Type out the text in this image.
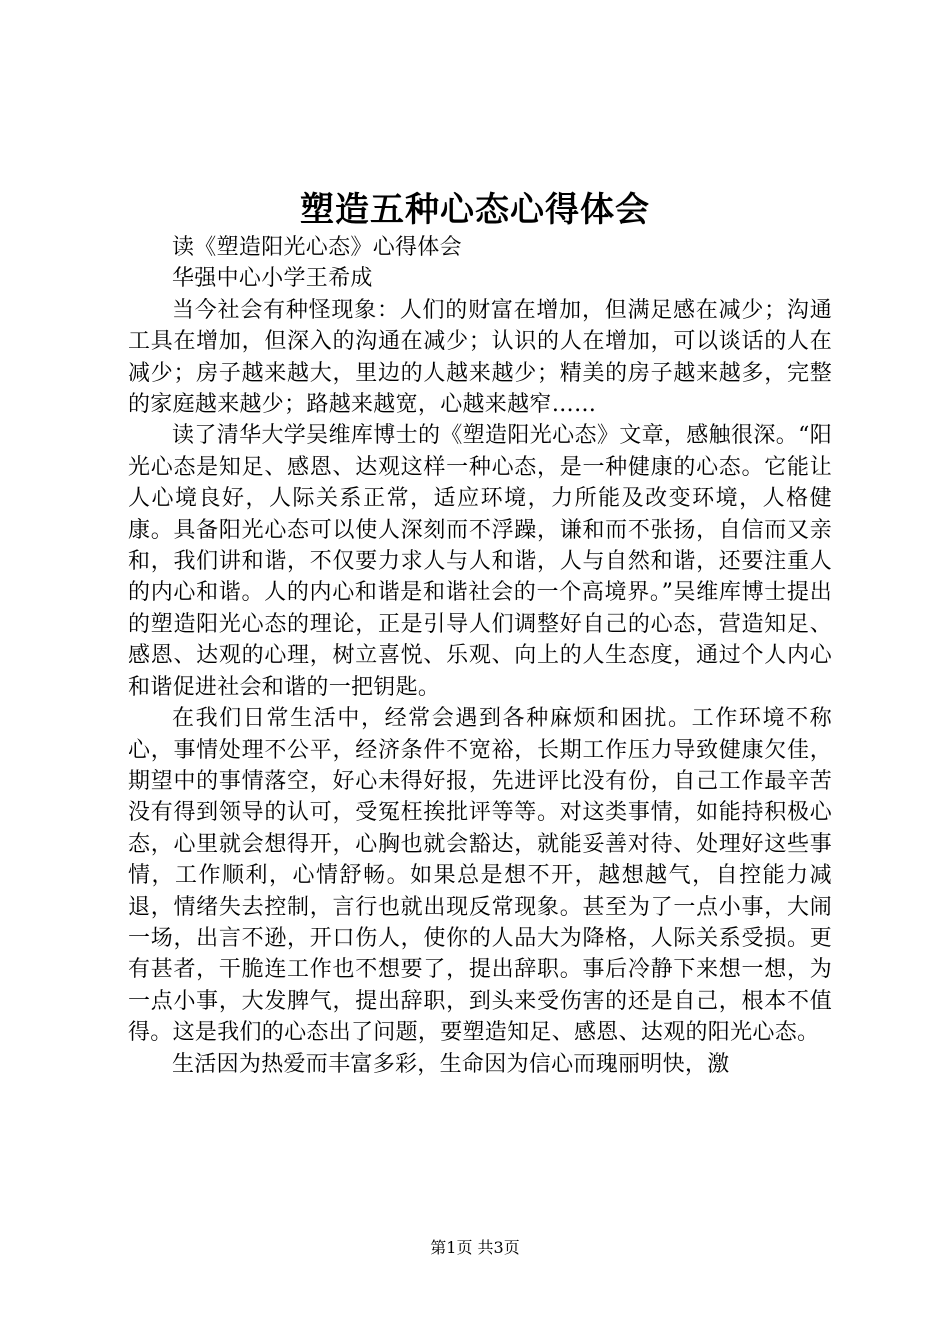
塑造五种心态心得体会

读《塑造阳光心态》心得体会

华强中心小学王希成

当今社会有种怪现象：人们的财富在增加，但满足感在减少；沟通工具在增加，但深入的沟通在减少；认识的人在增加，可以谈话的人在减少；房子越来越大，里边的人越来越少；精美的房子越来越多，完整的家庭越来越少；路越来越宽，心越来越窄……

读了清华大学吴维库博士的《塑造阳光心态》文章，感触很深。“阳光心态是知足、感恩、达观这样一种心态，是一种健康的心态。它能让人心境良好，人际关系正常，适应环境，力所能及改变环境，人格健康。具备阳光心态可以使人深刻而不浮躁，谦和而不张扬，自信而又亲和，我们讲和谐，不仅要力求人与人和谐，人与自然和谐，还要注重人的内心和谐。人的内心和谐是和谐社会的一个高境界。”吴维库博士提出的塑造阳光心态的理论，正是引导人们调整好自己的心态，营造知足、感恩、达观的心理，树立喜悦、乐观、向上的人生态度，通过个人内心和谐促进社会和谐的一把钥匙。

在我们日常生活中，经常会遇到各种麻烦和困扰。工作环境不称心，事情处理不公平，经济条件不宽裕，长期工作压力导致健康欠佳，期望中的事情落空，好心未得好报，先进评比没有份，自己工作最辛苦没有得到领导的认可，受冤枉挨批评等等。对这类事情，如能持积极心态，心里就会想得开，心胸也就会豁达，就能妥善对待、处理好这些事情，工作顺利，心情舒畅。如果总是想不开，越想越气，自控能力减退，情绪失去控制，言行也就出现反常现象。甚至为了一点小事，大闹一场，出言不逊，开口伤人，使你的人品大为降格，人际关系受损。更有甚者，干脆连工作也不想要了，提出辞职。事后冷静下来想一想，为一点小事，大发脾气，提出辞职，到头来受伤害的还是自己，根本不值得。这是我们的心态出了问题，要塑造知足、感恩、达观的阳光心态。

生活因为热爱而丰富多彩，生命因为信心而瑰丽明快，激

第1页 共3页
